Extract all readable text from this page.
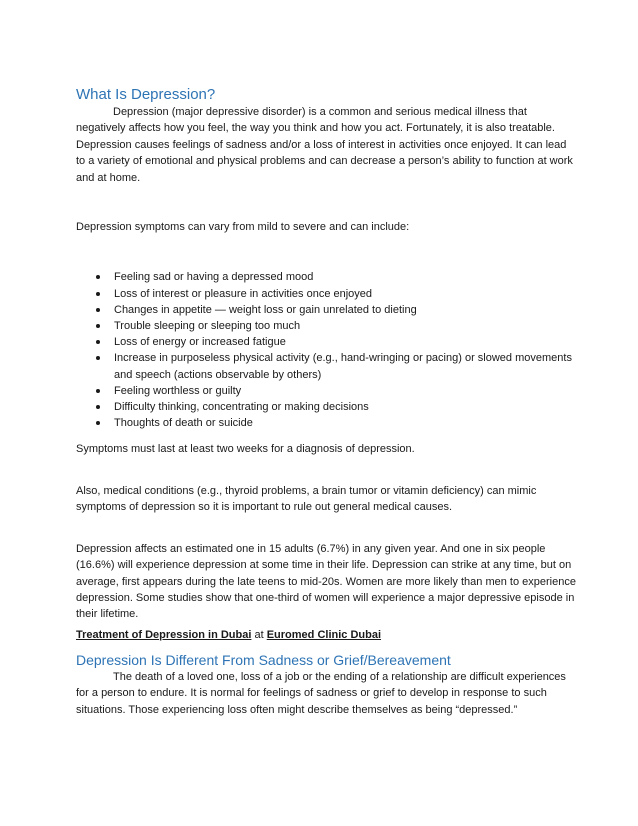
What Is Depression?

Depression (major depressive disorder) is a common and serious medical illness that negatively affects how you feel, the way you think and how you act. Fortunately, it is also treatable. Depression causes feelings of sadness and/or a loss of interest in activities once enjoyed. It can lead to a variety of emotional and physical problems and can decrease a person’s ability to function at work and at home.

Depression symptoms can vary from mild to severe and can include:

Feeling sad or having a depressed mood
Loss of interest or pleasure in activities once enjoyed
Changes in appetite — weight loss or gain unrelated to dieting
Trouble sleeping or sleeping too much
Loss of energy or increased fatigue
Increase in purposeless physical activity (e.g., hand-wringing or pacing) or slowed movements and speech (actions observable by others)
Feeling worthless or guilty
Difficulty thinking, concentrating or making decisions
Thoughts of death or suicide

Symptoms must last at least two weeks for a diagnosis of depression.

Also, medical conditions (e.g., thyroid problems, a brain tumor or vitamin deficiency) can mimic symptoms of depression so it is important to rule out general medical causes.

Depression affects an estimated one in 15 adults (6.7%) in any given year. And one in six people (16.6%) will experience depression at some time in their life. Depression can strike at any time, but on average, first appears during the late teens to mid-20s. Women are more likely than men to experience depression. Some studies show that one-third of women will experience a major depressive episode in their lifetime.

Treatment of Depression in Dubai at Euromed Clinic Dubai
Depression Is Different From Sadness or Grief/Bereavement

The death of a loved one, loss of a job or the ending of a relationship are difficult experiences for a person to endure. It is normal for feelings of sadness or grief to develop in response to such situations. Those experiencing loss often might describe themselves as being “depressed.”
